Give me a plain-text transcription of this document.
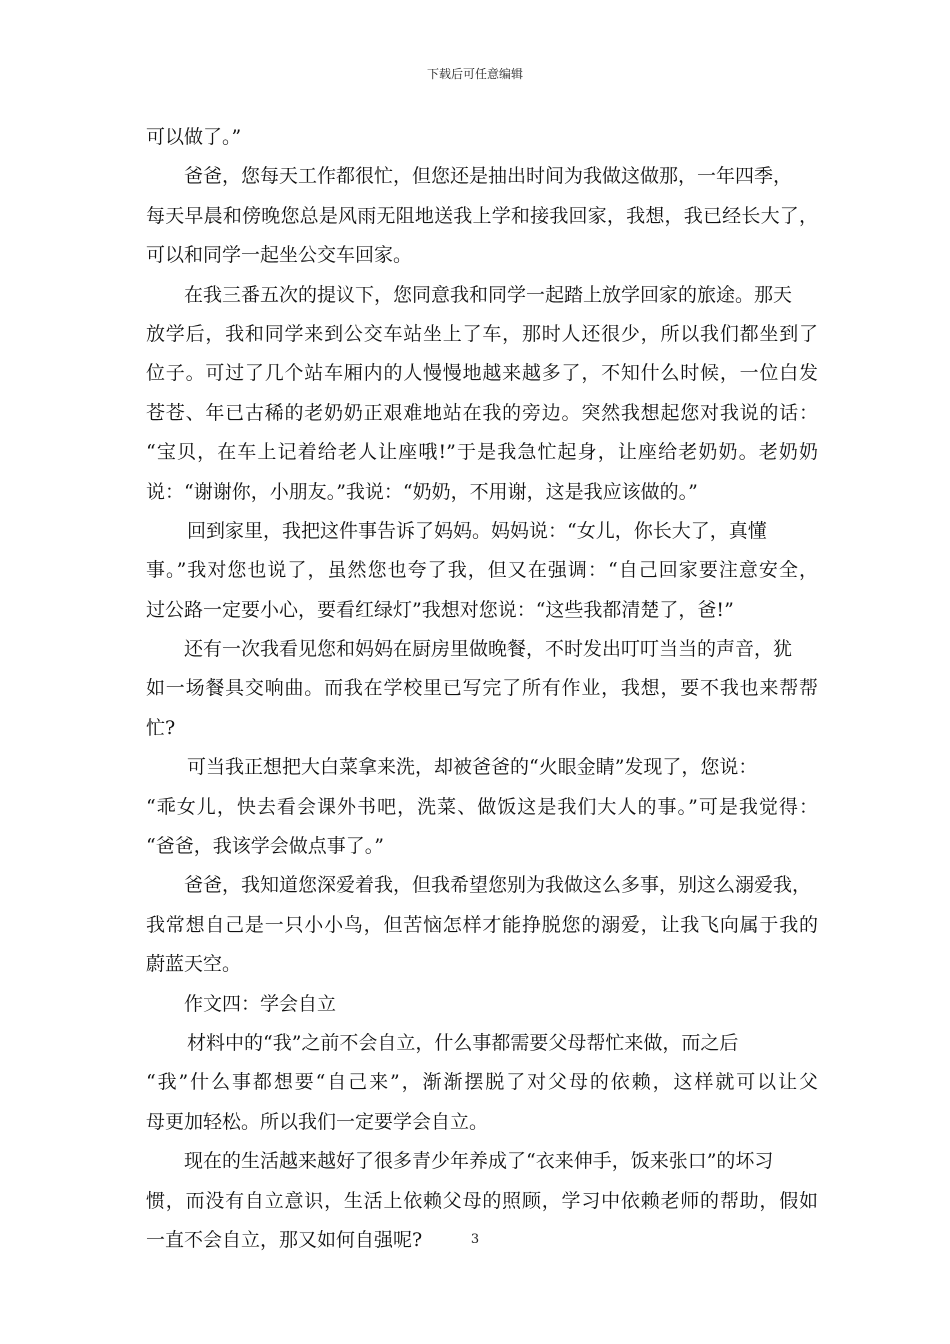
下载后可任意编辑
可以做了。”
爸爸，您每天工作都很忙，但您还是抽出时间为我做这做那，一年四季，
每天早晨和傍晚您总是风雨无阻地送我上学和接我回家，我想，我已经长大了，
可以和同学一起坐公交车回家。
在我三番五次的提议下，您同意我和同学一起踏上放学回家的旅途。那天
放学后，我和同学来到公交车站坐上了车，那时人还很少，所以我们都坐到了
位子。可过了几个站车厢内的人慢慢地越来越多了，不知什么时候，一位白发
苍苍、年已古稀的老奶奶正艰难地站在我的旁边。突然我想起您对我说的话：
“宝贝，在车上记着给老人让座哦!”于是我急忙起身，让座给老奶奶。老奶奶
说：“谢谢你，小朋友。”我说：“奶奶，不用谢，这是我应该做的。”
回到家里，我把这件事告诉了妈妈。妈妈说：“女儿，你长大了，真懂
事。”我对您也说了，虽然您也夸了我，但又在强调：“自己回家要注意安全，
过公路一定要小心，要看红绿灯”我想对您说：“这些我都清楚了，爸!”
还有一次我看见您和妈妈在厨房里做晚餐，不时发出叮叮当当的声音，犹
如一场餐具交响曲。而我在学校里已写完了所有作业，我想，要不我也来帮帮
忙?
可当我正想把大白菜拿来洗，却被爸爸的“火眼金睛”发现了，您说：
“乖女儿，快去看会课外书吧，洗菜、做饭这是我们大人的事。”可是我觉得：
“爸爸，我该学会做点事了。”
爸爸，我知道您深爱着我，但我希望您别为我做这么多事，别这么溺爱我，
我常想自己是一只小小鸟，但苦恼怎样才能挣脱您的溺爱，让我飞向属于我的
蔚蓝天空。
作文四：学会自立
材料中的“我”之前不会自立，什么事都需要父母帮忙来做，而之后
“我”什么事都想要“自己来”，渐渐摆脱了对父母的依赖，这样就可以让父
母更加轻松。所以我们一定要学会自立。
现在的生活越来越好了很多青少年养成了“衣来伸手，饭来张口”的坏习
惯，而没有自立意识，生活上依赖父母的照顾，学习中依赖老师的帮助，假如
一直不会自立，那又如何自强呢?	3
